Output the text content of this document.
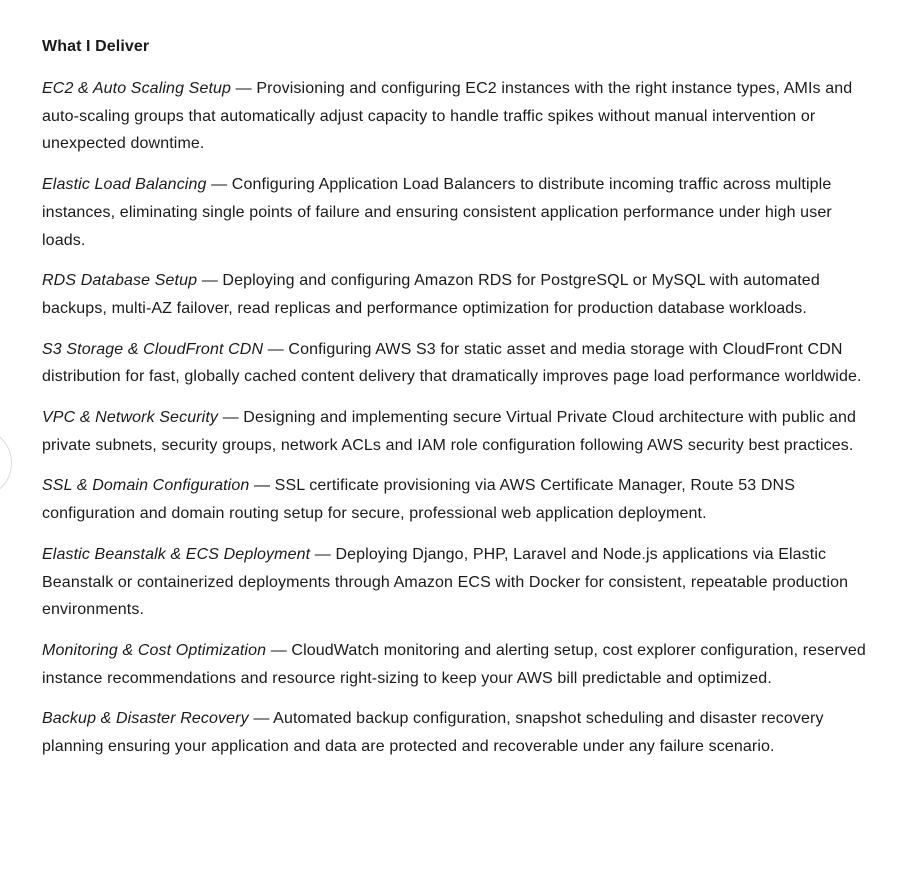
What I Deliver

EC2 & Auto Scaling Setup — Provisioning and configuring EC2 instances with the right instance types, AMIs and auto-scaling groups that automatically adjust capacity to handle traffic spikes without manual intervention or unexpected downtime.

Elastic Load Balancing — Configuring Application Load Balancers to distribute incoming traffic across multiple instances, eliminating single points of failure and ensuring consistent application performance under high user loads.

RDS Database Setup — Deploying and configuring Amazon RDS for PostgreSQL or MySQL with automated backups, multi-AZ failover, read replicas and performance optimization for production database workloads.

S3 Storage & CloudFront CDN — Configuring AWS S3 for static asset and media storage with CloudFront CDN distribution for fast, globally cached content delivery that dramatically improves page load performance worldwide.

VPC & Network Security — Designing and implementing secure Virtual Private Cloud architecture with public and private subnets, security groups, network ACLs and IAM role configuration following AWS security best practices.

SSL & Domain Configuration — SSL certificate provisioning via AWS Certificate Manager, Route 53 DNS configuration and domain routing setup for secure, professional web application deployment.

Elastic Beanstalk & ECS Deployment — Deploying Django, PHP, Laravel and Node.js applications via Elastic Beanstalk or containerized deployments through Amazon ECS with Docker for consistent, repeatable production environments.

Monitoring & Cost Optimization — CloudWatch monitoring and alerting setup, cost explorer configuration, reserved instance recommendations and resource right-sizing to keep your AWS bill predictable and optimized.

Backup & Disaster Recovery — Automated backup configuration, snapshot scheduling and disaster recovery planning ensuring your application and data are protected and recoverable under any failure scenario.
